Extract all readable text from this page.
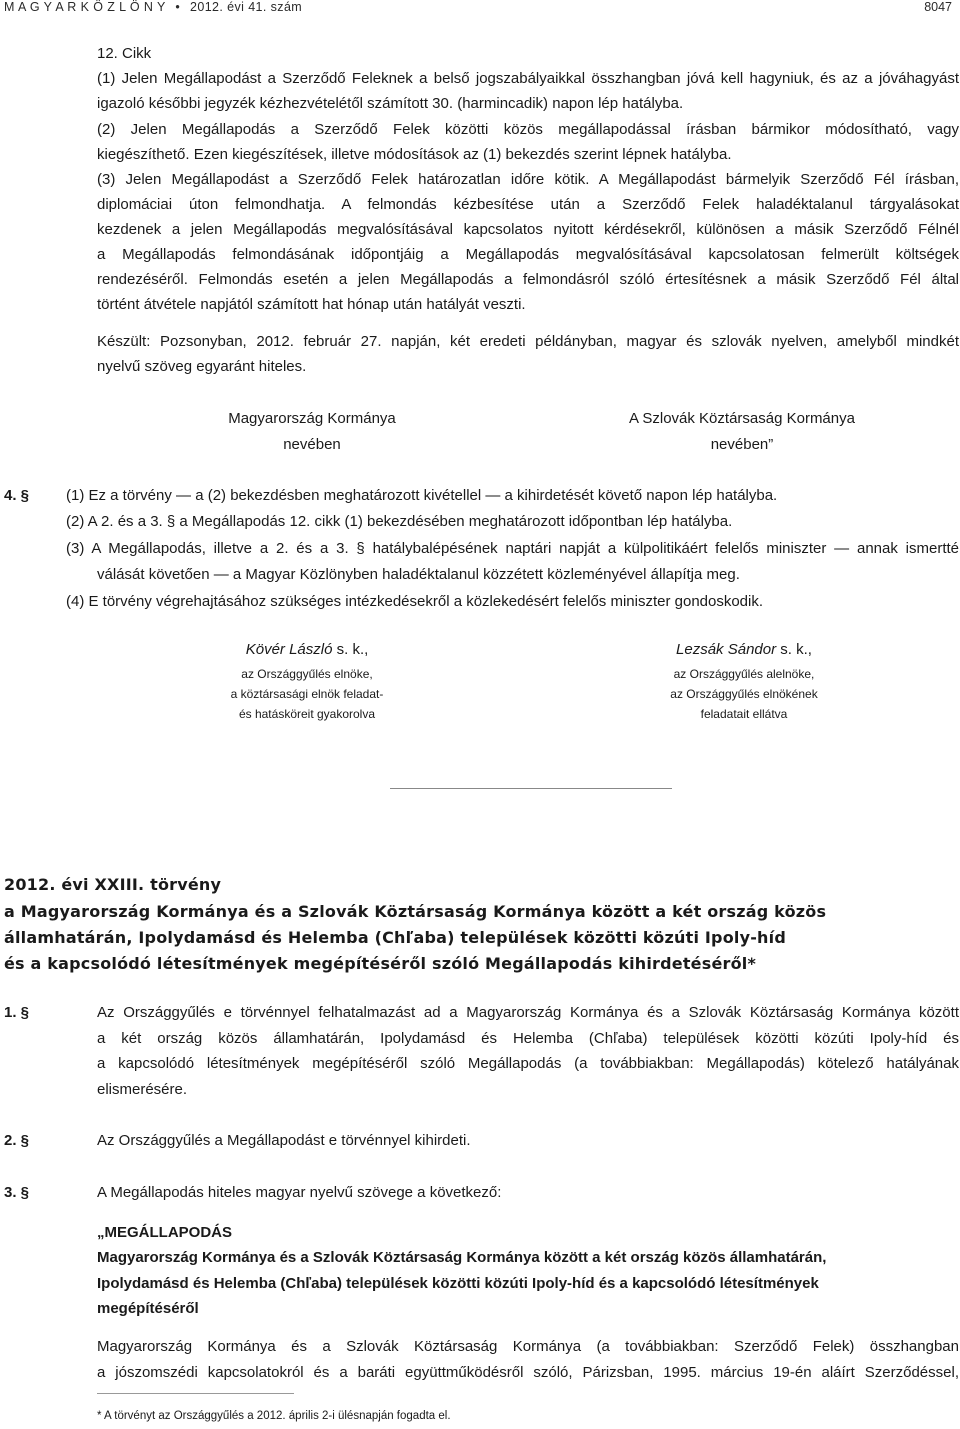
M A G Y A R K Ö Z L Ö N Y • 2012. évi 41. szám	8047
12. Cikk
(1) Jelen Megállapodást a Szerződő Feleknek a belső jogszabályaikkal összhangban jóvá kell hagyniuk, és az a jóváhagyást
igazoló későbbi jegyzék kézhezvételétől számított 30. (harmincadik) napon lép hatályba.
(2) Jelen Megállapodás a Szerződő Felek közötti közös megállapodással írásban bármikor módosítható, vagy
kiegészíthető. Ezen kiegészítések, illetve módosítások az (1) bekezdés szerint lépnek hatályba.
(3) Jelen Megállapodást a Szerződő Felek határozatlan időre kötik. A Megállapodást bármelyik Szerződő Fél írásban,
diplomáciai úton felmondhatja. A felmondás kézbesítése után a Szerződő Felek haladéktalanul tárgyalásokat
kezdenek a jelen Megállapodás megvalósításával kapcsolatos nyitott kérdésekről, különösen a másik Szerződő Félnél
a Megállapodás felmondásának időpontjáig a Megállapodás megvalósításával kapcsolatosan felmerült költségek
rendezéséről. Felmondás esetén a jelen Megállapodás a felmondásról szóló értesítésnek a másik Szerződő Fél által
történt átvétele napjától számított hat hónap után hatályát veszti.
Készült: Pozsonyban, 2012. február 27. napján, két eredeti példányban, magyar és szlovák nyelven, amelyből mindkét
nyelvű szöveg egyaránt hiteles.
Magyarország Kormánya
nevében
A Szlovák Köztársaság Kormánya
nevében”
4. § (1) Ez a törvény — a (2) bekezdésben meghatározott kivétellel — a kihirdetését követő napon lép hatályba.
(2) A 2. és a 3. § a Megállapodás 12. cikk (1) bekezdésében meghatározott időpontban lép hatályba.
(3) A Megállapodás, illetve a 2. és a 3. § hatálybalépésének naptári napját a külpolitikáért felelős miniszter — annak ismertté
válását követően — a Magyar Közlönyben haladéktalanul közzétett közleményével állapítja meg.
(4) E törvény végrehajtásához szükséges intézkedésekről a közlekedésért felelős miniszter gondoskodik.
Kövér László s. k.,
az Országgyűlés elnöke,
a köztársasági elnök feladat-
és hatásköreit gyakorolva
Lezsák Sándor s. k.,
az Országgyűlés alelnöke,
az Országgyűlés elnökének
feladatait ellátva
2012. évi XXIII. törvény
a Magyarország Kormánya és a Szlovák Köztársaság Kormánya között a két ország közös
államhatárán, Ipolydamásd és Helemba (Chľaba) települések közötti közúti Ipoly-híd
és a kapcsolódó létesítmények megépítéséről szóló Megállapodás kihirdetéséről*
1. §	Az Országgyűlés e törvénnyel felhatalmazást ad a Magyarország Kormánya és a Szlovák Köztársaság Kormánya között
a két ország közös államhatárán, Ipolydamásd és Helemba (Chľaba) települések közötti közúti Ipoly-híd és
a kapcsolódó létesítmények megépítéséről szóló Megállapodás (a továbbiakban: Megállapodás) kötelező hatályának
elismerésére.
2. §	Az Országgyűlés a Megállapodást e törvénnyel kihirdeti.
3. §	A Megállapodás hiteles magyar nyelvű szövege a következő:
„MEGÁLLAPODÁS
Magyarország Kormánya és a Szlovák Köztársaság Kormánya között a két ország közös államhatárán,
Ipolydamásd és Helemba (Chľaba) települések közötti közúti Ipoly-híd és a kapcsolódó létesítmények
megépítéséről
Magyarország Kormánya és a Szlovák Köztársaság Kormánya (a továbbiakban: Szerződő Felek) összhangban
a jószomszédi kapcsolatokról és a baráti együttműködésről szóló, Párizsban, 1995. március 19-én aláírt Szerződéssel,
* A törvényt az Országgyűlés a 2012. április 2-i ülésnapján fogadta el.
